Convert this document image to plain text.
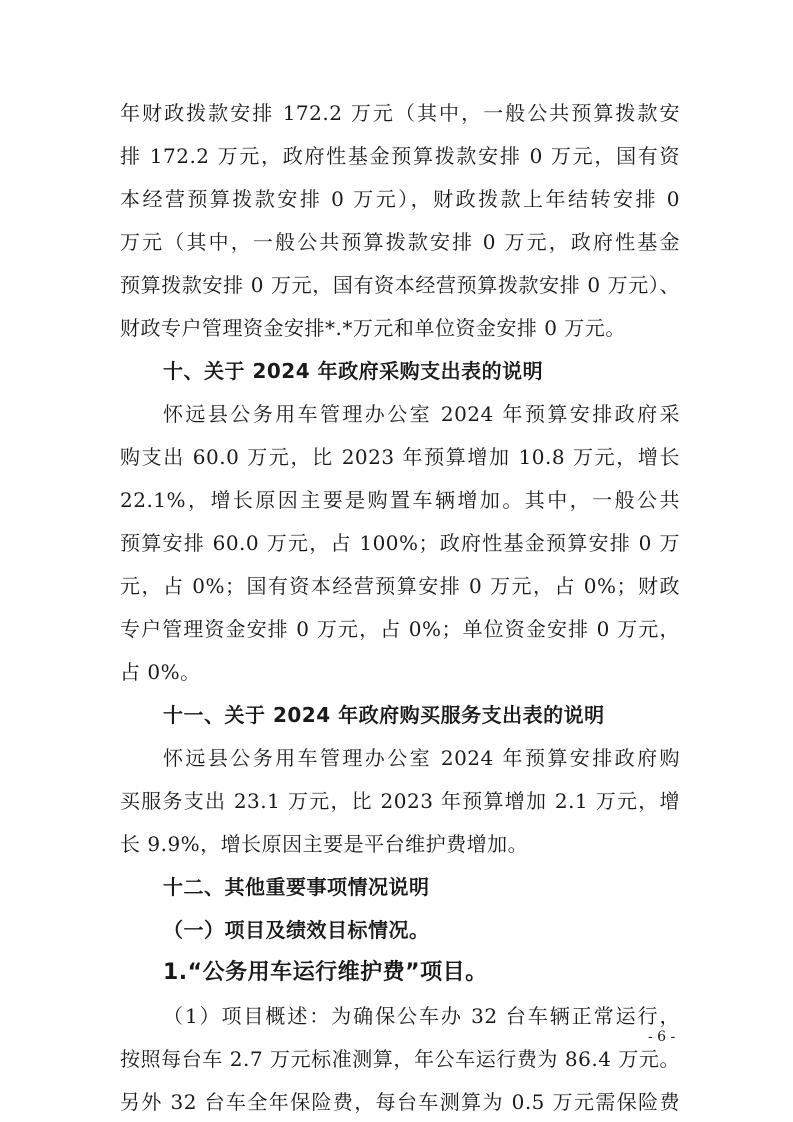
年财政拨款安排 172.2 万元（其中，一般公共预算拨款安
排 172.2 万元，政府性基金预算拨款安排 0 万元，国有资
本经营预算拨款安排 0 万元），财政拨款上年结转安排 0
万元（其中，一般公共预算拨款安排 0 万元，政府性基金
预算拨款安排 0 万元，国有资本经营预算拨款安排 0 万元）、
财政专户管理资金安排*.*万元和单位资金安排 0 万元。
十、关于 2024 年政府采购支出表的说明
怀远县公务用车管理办公室 2024 年预算安排政府采
购支出 60.0 万元，比 2023 年预算增加 10.8 万元，增长
22.1%，增长原因主要是购置车辆增加。其中，一般公共
预算安排 60.0 万元，占 100%；政府性基金预算安排 0 万
元，占 0%；国有资本经营预算安排 0 万元，占 0%；财政
专户管理资金安排 0 万元，占 0%；单位资金安排 0 万元，
占 0%。
十一、关于 2024 年政府购买服务支出表的说明
怀远县公务用车管理办公室 2024 年预算安排政府购
买服务支出 23.1 万元，比 2023 年预算增加 2.1 万元，增
长 9.9%，增长原因主要是平台维护费增加。
十二、其他重要事项情况说明
（一）项目及绩效目标情况。
1.“公务用车运行维护费”项目。
（1）项目概述：为确保公车办 32 台车辆正常运行，
按照每台车 2.7 万元标准测算，年公车运行费为 86.4 万元。
另外 32 台车全年保险费，每台车测算为 0.5 万元需保险费
- 6 -
